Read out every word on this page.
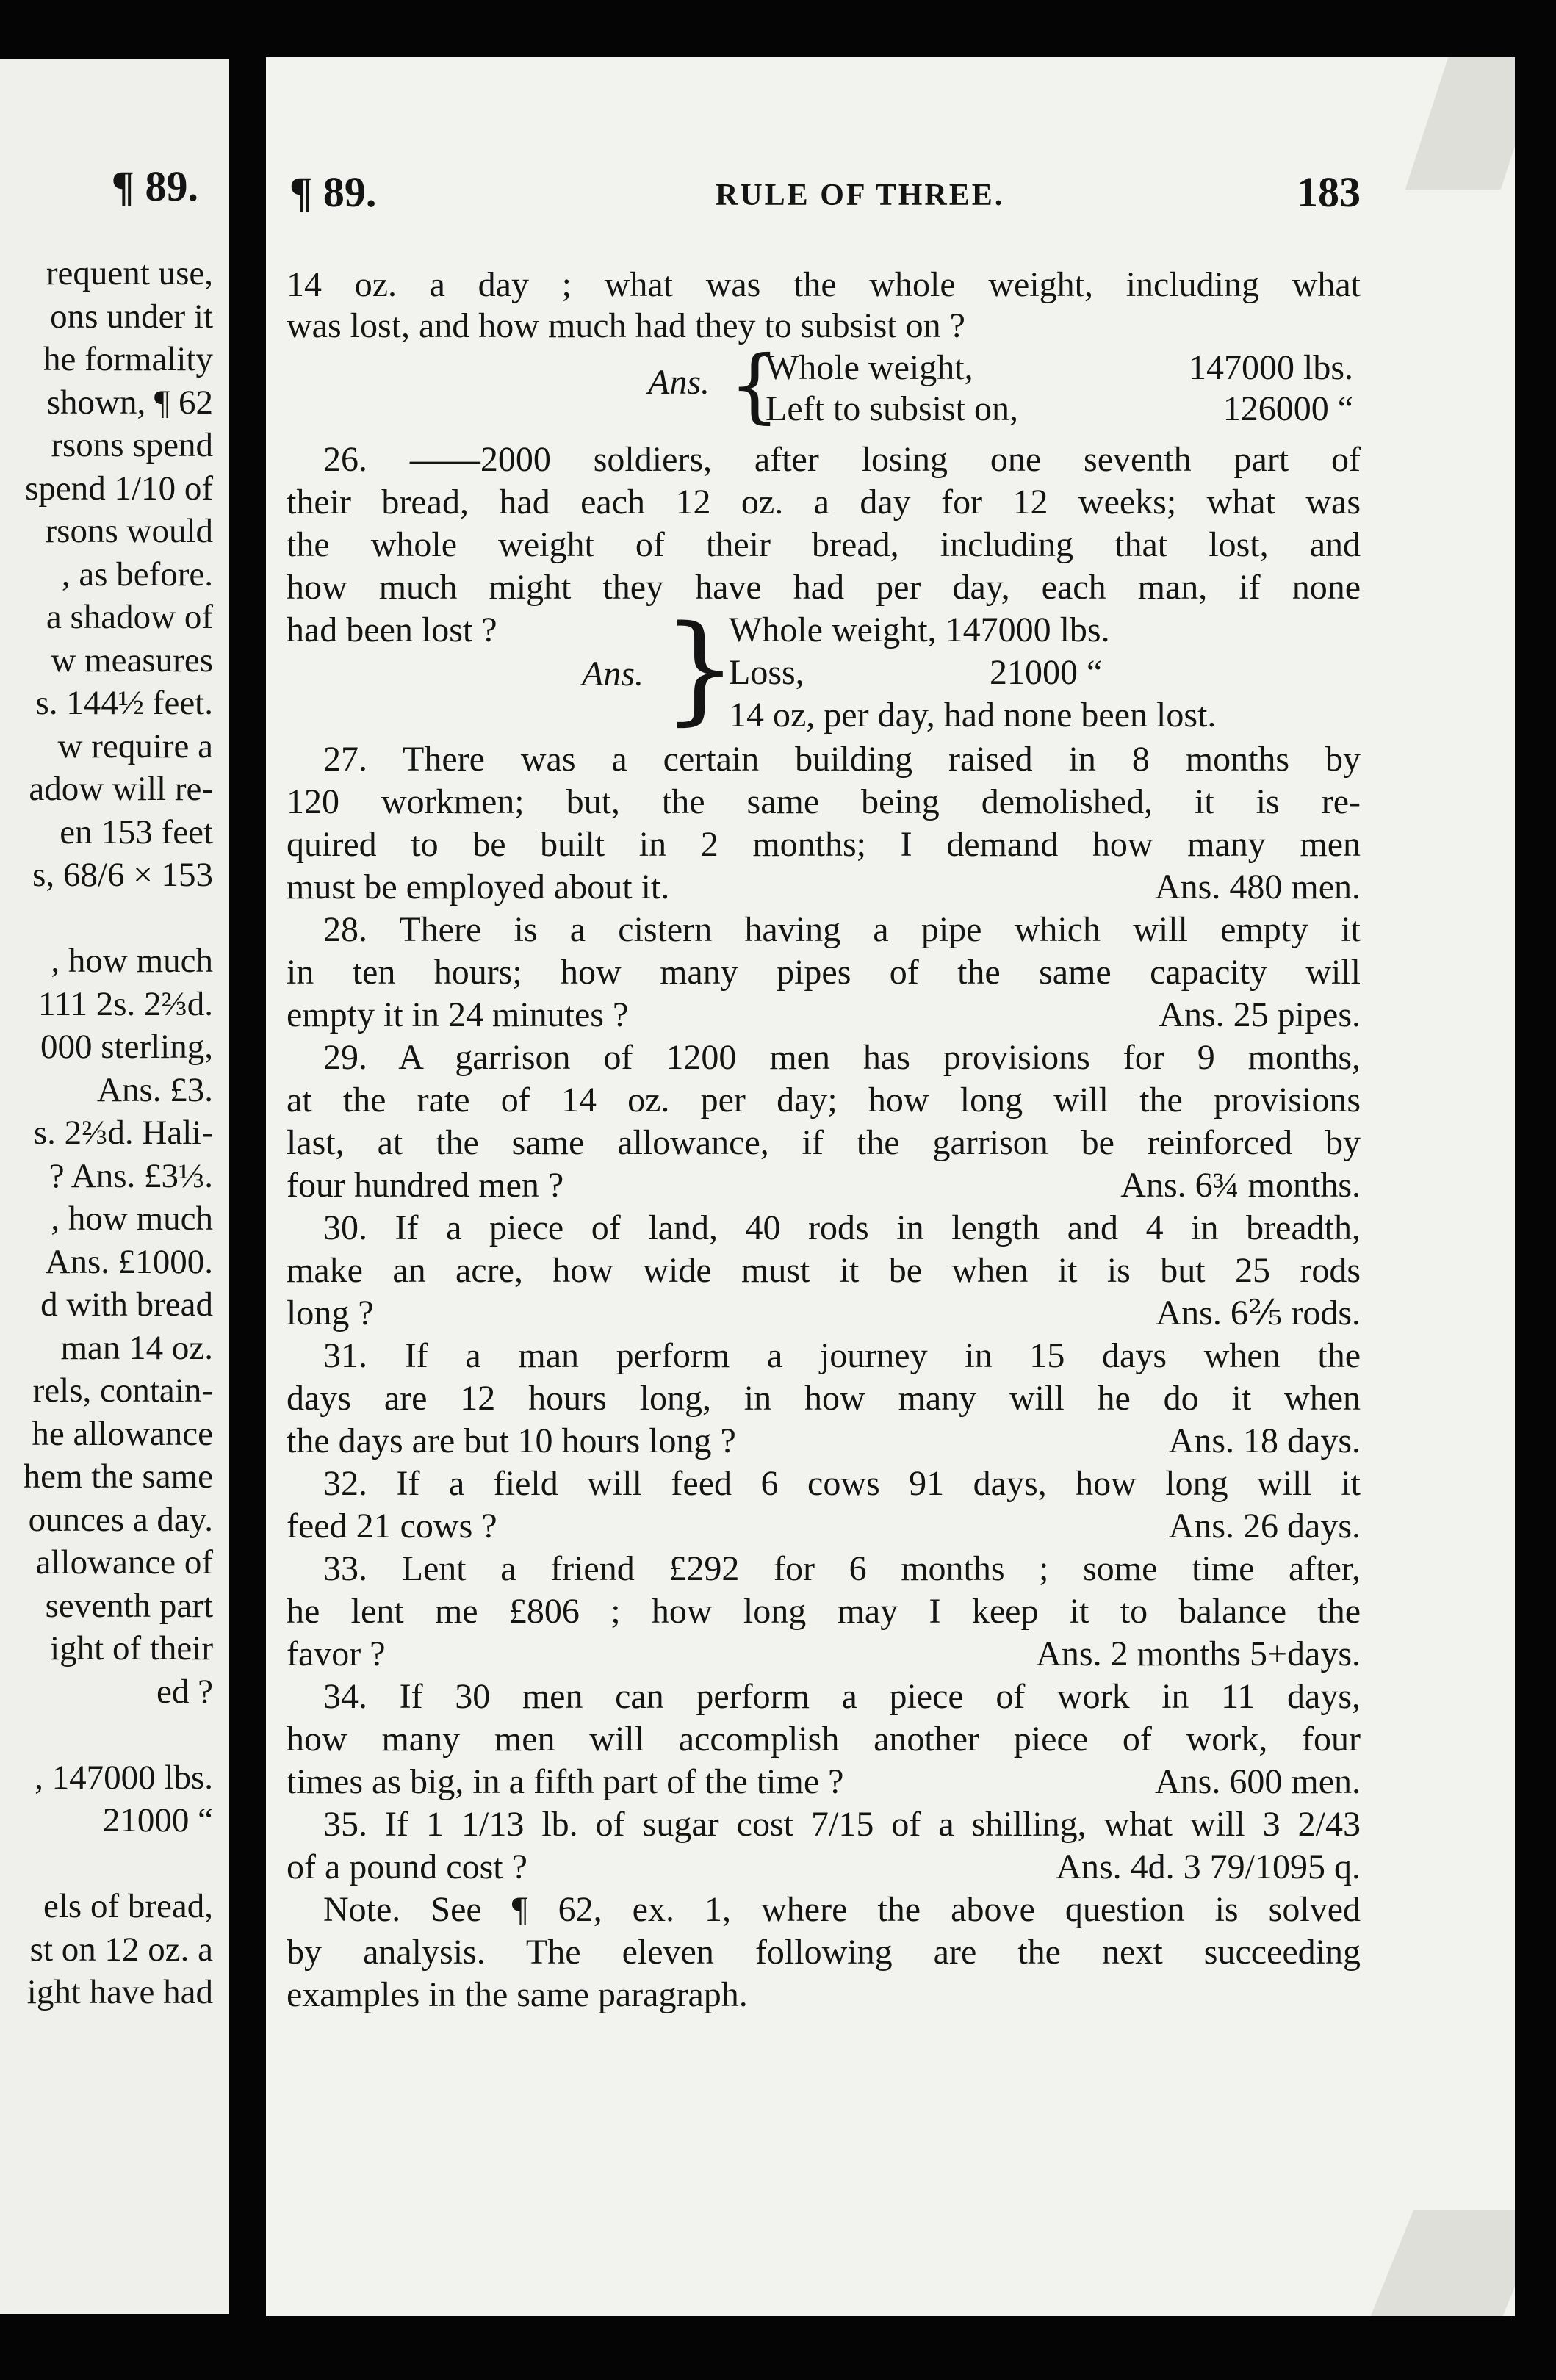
¶ 89.
requent use,
ons under it
he formality
shown, ¶ 62
rsons spend
spend 1/10 of
rsons would
, as before.
a shadow of
w measures
s. 144½ feet.
w require a
adow will re-
en 153 feet
s, 68/6 × 153
, how much
111 2s. 2⅔d.
000 sterling,
Ans. £3.
s. 2⅔d. Hali-
? Ans. £3⅓.
, how much
Ans. £1000.
d with bread
man 14 oz.
rels, contain-
he allowance
hem the same
ounces a day.
allowance of
seventh part
ight of their
ed ?
, 147000 lbs.
21000 “
els of bread,
st on 12 oz. a
ight have had
¶ 89.	RULE OF THREE.	183
14 oz. a day ; what was the whole weight, including what
was lost, and how much had they to subsist on ?
Ans. {
Whole weight,	147000 lbs.
Left to subsist on,	126000 “
26. ——2000 soldiers, after losing one seventh part of
their bread, had each 12 oz. a day for 12 weeks; what was
the whole weight of their bread, including that lost, and
how much might they have had per day, each man, if none
had been lost ?
Ans. }
Whole weight, 147000 lbs.
Loss,	21000 “
14 oz, per day, had none been lost.
27. There was a certain building raised in 8 months by
120 workmen; but, the same being demolished, it is re-
quired to be built in 2 months; I demand how many men
must be employed about it.	Ans. 480 men.
28. There is a cistern having a pipe which will empty it
in ten hours; how many pipes of the same capacity will
empty it in 24 minutes ?	Ans. 25 pipes.
29. A garrison of 1200 men has provisions for 9 months,
at the rate of 14 oz. per day; how long will the provisions
last, at the same allowance, if the garrison be reinforced by
four hundred men ?	Ans. 6¾ months.
30. If a piece of land, 40 rods in length and 4 in breadth,
make an acre, how wide must it be when it is but 25 rods
long ?	Ans. 6⅖ rods.
31. If a man perform a journey in 15 days when the
days are 12 hours long, in how many will he do it when
the days are but 10 hours long ?	Ans. 18 days.
32. If a field will feed 6 cows 91 days, how long will it
feed 21 cows ?	Ans. 26 days.
33. Lent a friend £292 for 6 months ; some time after,
he lent me £806 ; how long may I keep it to balance the
favor ?	Ans. 2 months 5+days.
34. If 30 men can perform a piece of work in 11 days,
how many men will accomplish another piece of work, four
times as big, in a fifth part of the time ?	Ans. 600 men.
35. If 1 1/13 lb. of sugar cost 7/15 of a shilling, what will 3 2/43
of a pound cost ?	Ans. 4d. 3 79/1095 q.
Note. See ¶ 62, ex. 1, where the above question is solved
by analysis. The eleven following are the next succeeding
examples in the same paragraph.
